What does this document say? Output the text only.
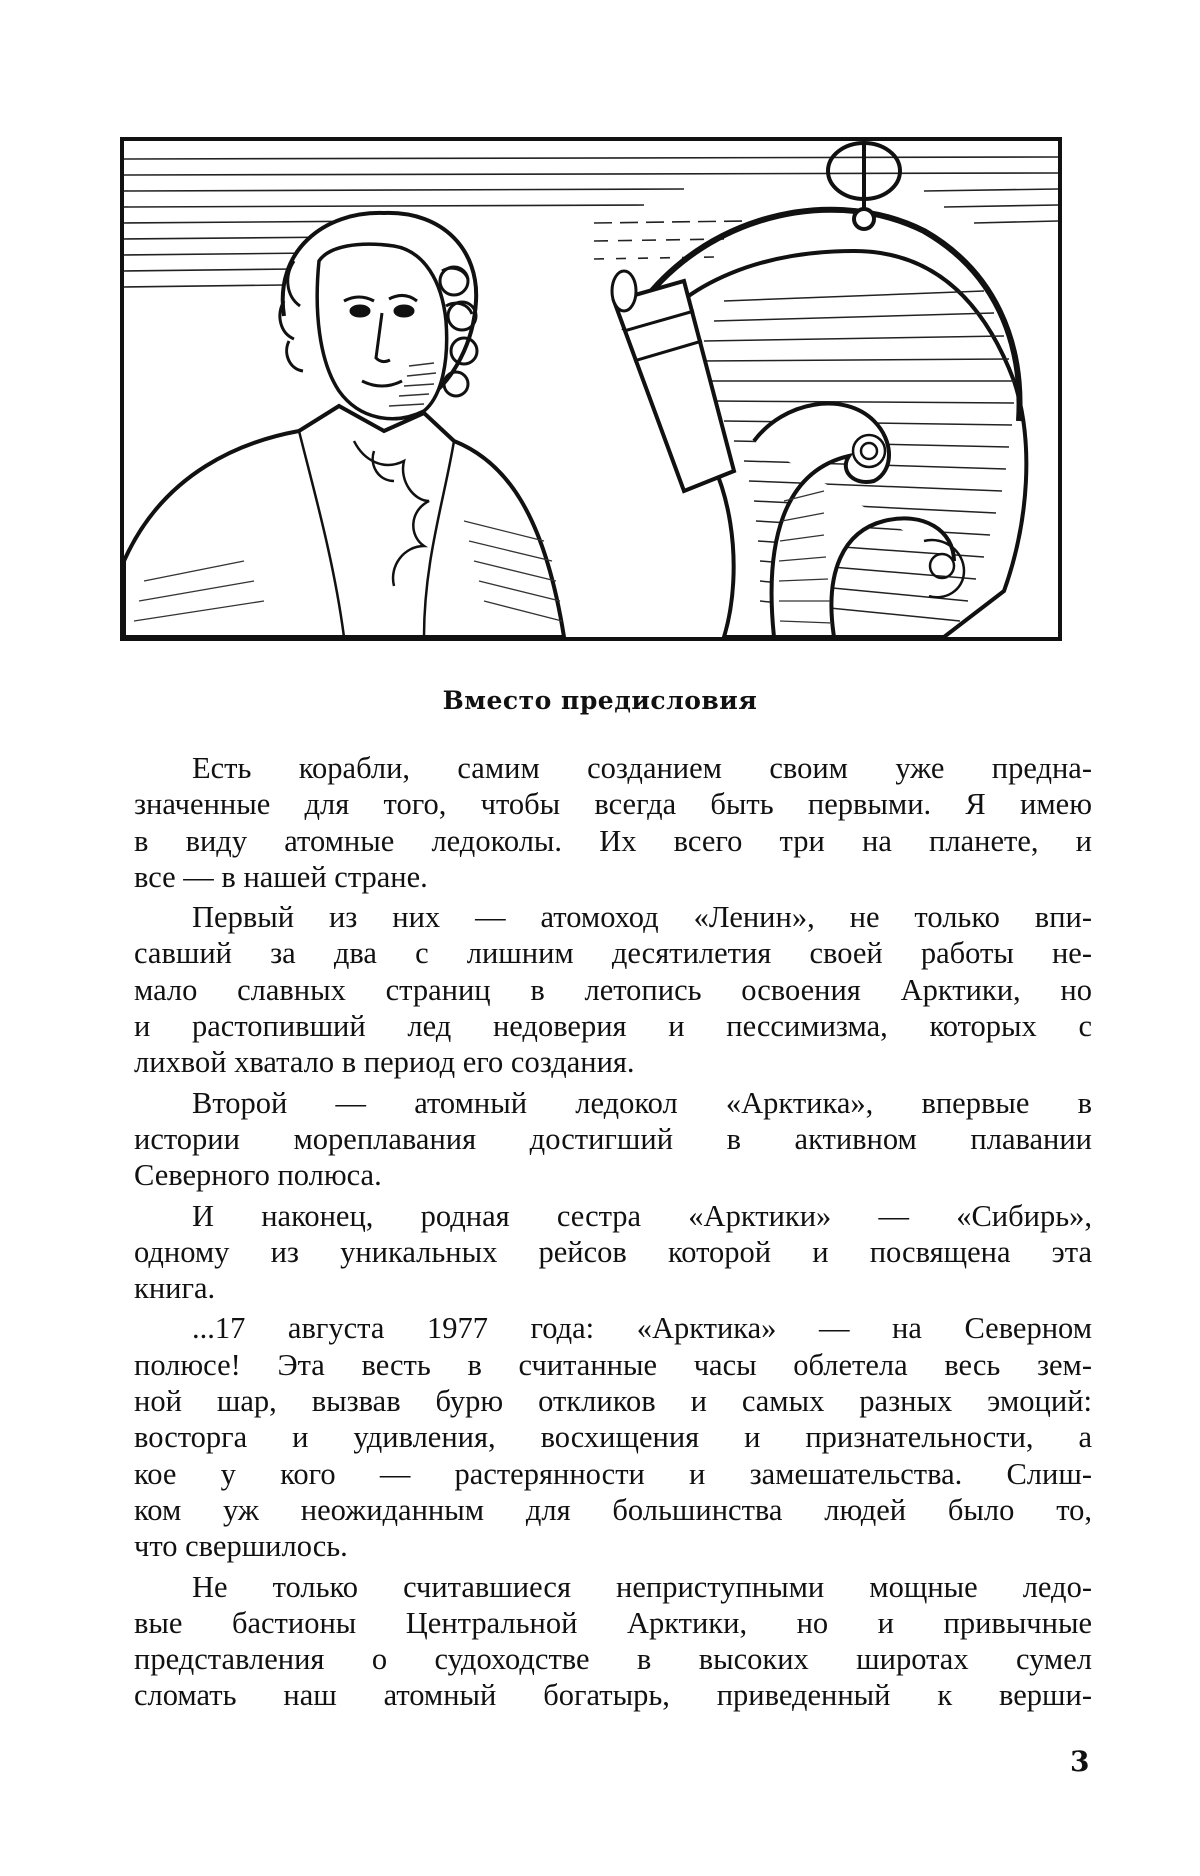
Вместо предисловия
Есть корабли, самим созданием своим уже предна-
значенные для того, чтобы всегда быть первыми. Я имею
в виду атомные ледоколы. Их всего три на планете, и
все — в нашей стране.
Первый из них — атомоход «Ленин», не только впи-
савший за два с лишним десятилетия своей работы не-
мало славных страниц в летопись освоения Арктики, но
и растопивший лед недоверия и пессимизма, которых с
лихвой хватало в период его создания.
Второй — атомный ледокол «Арктика», впервые в
истории мореплавания достигший в активном плавании
Северного полюса.
И наконец, родная сестра «Арктики» — «Сибирь»,
одному из уникальных рейсов которой и посвящена эта
книга.
...17 августа 1977 года: «Арктика» — на Северном
полюсе! Эта весть в считанные часы облетела весь зем-
ной шар, вызвав бурю откликов и самых разных эмоций:
восторга и удивления, восхищения и признательности, а
кое у кого — растерянности и замешательства. Слиш-
ком уж неожиданным для большинства людей было то,
что свершилось.
Не только считавшиеся неприступными мощные ледо-
вые бастионы Центральной Арктики, но и привычные
представления о судоходстве в высоких широтах сумел
сломать наш атомный богатырь, приведенный к верши-
3
